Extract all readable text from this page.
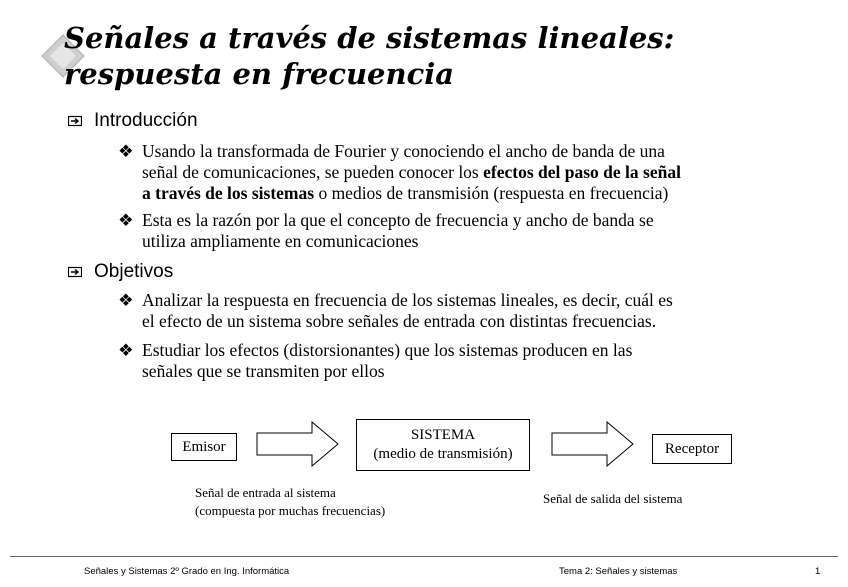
Señales a través de sistemas lineales:
respuesta en frecuencia
Introducción
❖ Usando la transformada de Fourier y conociendo el ancho de banda de una
señal de comunicaciones, se pueden conocer los efectos del paso de la señal
a través de los sistemas o medios de transmisión (respuesta en frecuencia)
❖ Esta es la razón por la que el concepto de frecuencia y ancho de banda se
utiliza ampliamente en comunicaciones
Objetivos
❖ Analizar la respuesta en frecuencia de los sistemas lineales, es decir, cuál es
el efecto de un sistema sobre señales de entrada con distintas frecuencias.
❖ Estudiar los efectos (distorsionantes) que los sistemas producen en las
señales que se transmiten por ellos
Emisor
SISTEMA
(medio de transmisión)	Receptor
Señal de entrada al sistema
(compuesta por muchas frecuencias)
Señal de salida del sistema
Señales y Sistemas 2º Grado en Ing. Informática	Tema 2: Señales y sistemas	1
